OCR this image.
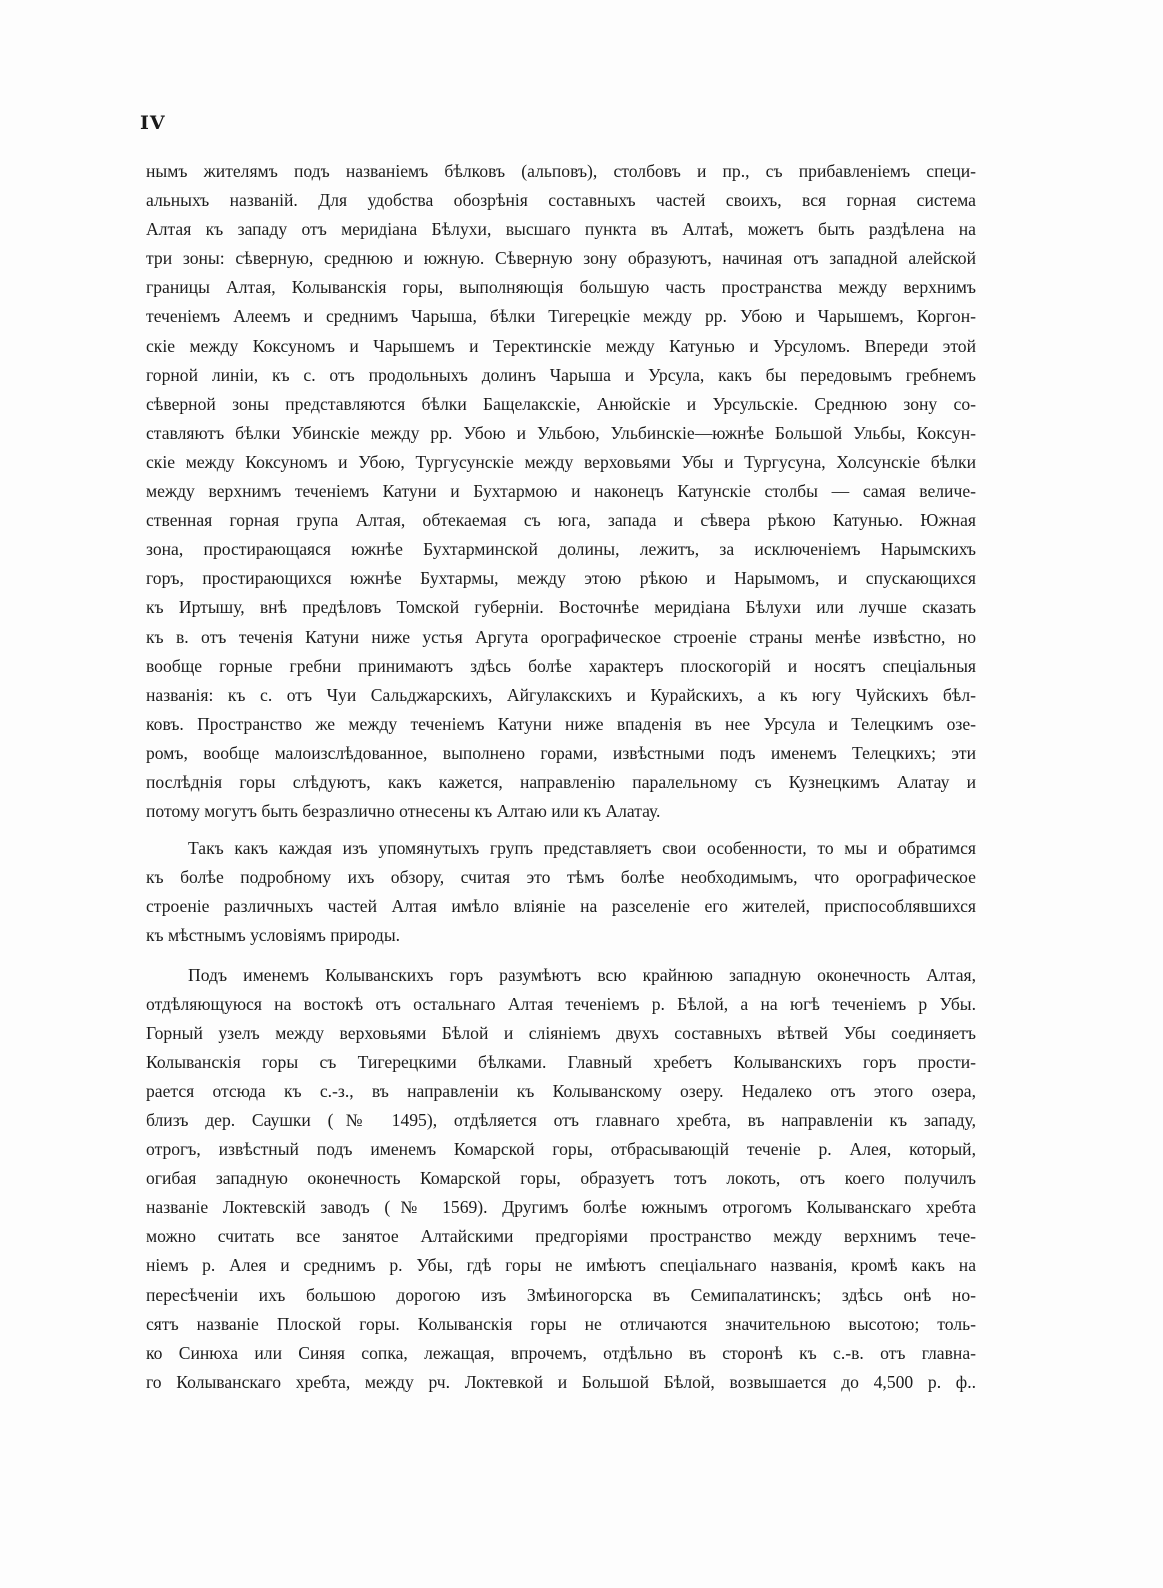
IV

нымъ жителямъ подъ названіемъ бѣлковъ (альповъ), столбовъ и пр., съ прибавленіемъ специ-

альныхъ названій. Для удобства обозрѣнія составныхъ частей своихъ, вся горная система

Алтая къ западу отъ меридіана Бѣлухи, высшаго пункта въ Алтаѣ, можетъ быть раздѣлена на

три зоны: сѣверную, среднюю и южную. Сѣверную зону образуютъ, начиная отъ западной алейской

границы Алтая, Колыванскія горы, выполняющія большую часть пространства между верхнимъ

теченіемъ Алеемъ и среднимъ Чарыша, бѣлки Тигерецкіе между рр. Убою и Чарышемъ, Коргон-

скіе между Коксуномъ и Чарышемъ и Теректинскіе между Катунью и Урсуломъ. Впереди этой

горной линіи, къ с. отъ продольныхъ долинъ Чарыша и Урсула, какъ бы передовымъ гребнемъ

сѣверной зоны представляются бѣлки Бащелакскіе, Анюйскіе и Урсульскіе. Среднюю зону со-

ставляютъ бѣлки Убинскіе между рр. Убою и Ульбою, Ульбинскіе—южнѣе Большой Ульбы, Коксун-

скіе между Коксуномъ и Убою, Тургусунскіе между верховьями Убы и Тургусуна, Холсунскіе бѣлки

между верхнимъ теченіемъ Катуни и Бухтармою и наконецъ Катунскіе столбы — самая величе-

ственная горная група Алтая, обтекаемая съ юга, запада и сѣвера рѣкою Катунью. Южная

зона, простирающаяся южнѣе Бухтарминской долины, лежитъ, за исключеніемъ Нарымскихъ

горъ, простирающихся южнѣе Бухтармы, между этою рѣкою и Нарымомъ, и спускающихся

къ Иртышу, внѣ предѣловъ Томской губерніи. Восточнѣе меридіана Бѣлухи или лучше сказать

къ в. отъ теченія Катуни ниже устья Аргута орографическое строеніе страны менѣе извѣстно, но

вообще горные гребни принимаютъ здѣсь болѣе характеръ плоскогорій и носятъ спеціальныя

названія: къ с. отъ Чуи Сальджарскихъ, Айгулакскихъ и Курайскихъ, а къ югу Чуйскихъ бѣл-

ковъ. Пространство же между теченіемъ Катуни ниже впаденія въ нее Урсула и Телецкимъ озе-

ромъ, вообще малоизслѣдованное, выполнено горами, извѣстными подъ именемъ Телецкихъ; эти

послѣднія горы слѣдуютъ, какъ кажется, направленію паралельному съ Кузнецкимъ Алатау и

потому могутъ быть безразлично отнесены къ Алтаю или къ Алатау.

Такъ какъ каждая изъ упомянутыхъ групъ представляетъ свои особенности, то мы и обратимся

къ болѣе подробному ихъ обзору, считая это тѣмъ болѣе необходимымъ, что орографическое

строеніе различныхъ частей Алтая имѣло вліяніе на разселеніе его жителей, приспособлявшихся

къ мѣстнымъ условіямъ природы.

Подъ именемъ Колыванскихъ горъ разумѣютъ всю крайнюю западную оконечность Алтая,

отдѣляющуюся на востокѣ отъ остальнаго Алтая теченіемъ р. Бѣлой, а на югѣ теченіемъ р Убы.

Горный узелъ между верховьями Бѣлой и сліяніемъ двухъ составныхъ вѣтвей Убы соединяетъ

Колыванскія горы съ Тигерецкими бѣлками. Главный хребетъ Колыванскихъ горъ прости-

рается отсюда къ с.-з., въ направленіи къ Колыванскому озеру. Недалеко отъ этого озера,

близъ дер. Саушки (№ 1495), отдѣляется отъ главнаго хребта, въ направленіи къ западу,

отрогъ, извѣстный подъ именемъ Комарской горы, отбрасывающій теченіе р. Алея, который,

огибая западную оконечность Комарской горы, образуетъ тотъ локоть, отъ коего получилъ

названіе Локтевскій заводъ (№ 1569). Другимъ болѣе южнымъ отрогомъ Колыванскаго хребта

можно считать все занятое Алтайскими предгоріями пространство между верхнимъ тече-

ніемъ р. Алея и среднимъ р. Убы, гдѣ горы не имѣютъ спеціальнаго названія, кромѣ какъ на

пересѣченіи ихъ большою дорогою изъ Змѣиногорска въ Семипалатинскъ; здѣсь онѣ но-

сятъ названіе Плоской горы. Колыванскія горы не отличаются значительною высотою; толь-

ко Синюха или Синяя сопка, лежащая, впрочемъ, отдѣльно въ сторонѣ къ с.-в. отъ главна-

го Колыванскаго хребта, между рч. Локтевкой и Большой Бѣлой, возвышается до 4,500 р. ф..
